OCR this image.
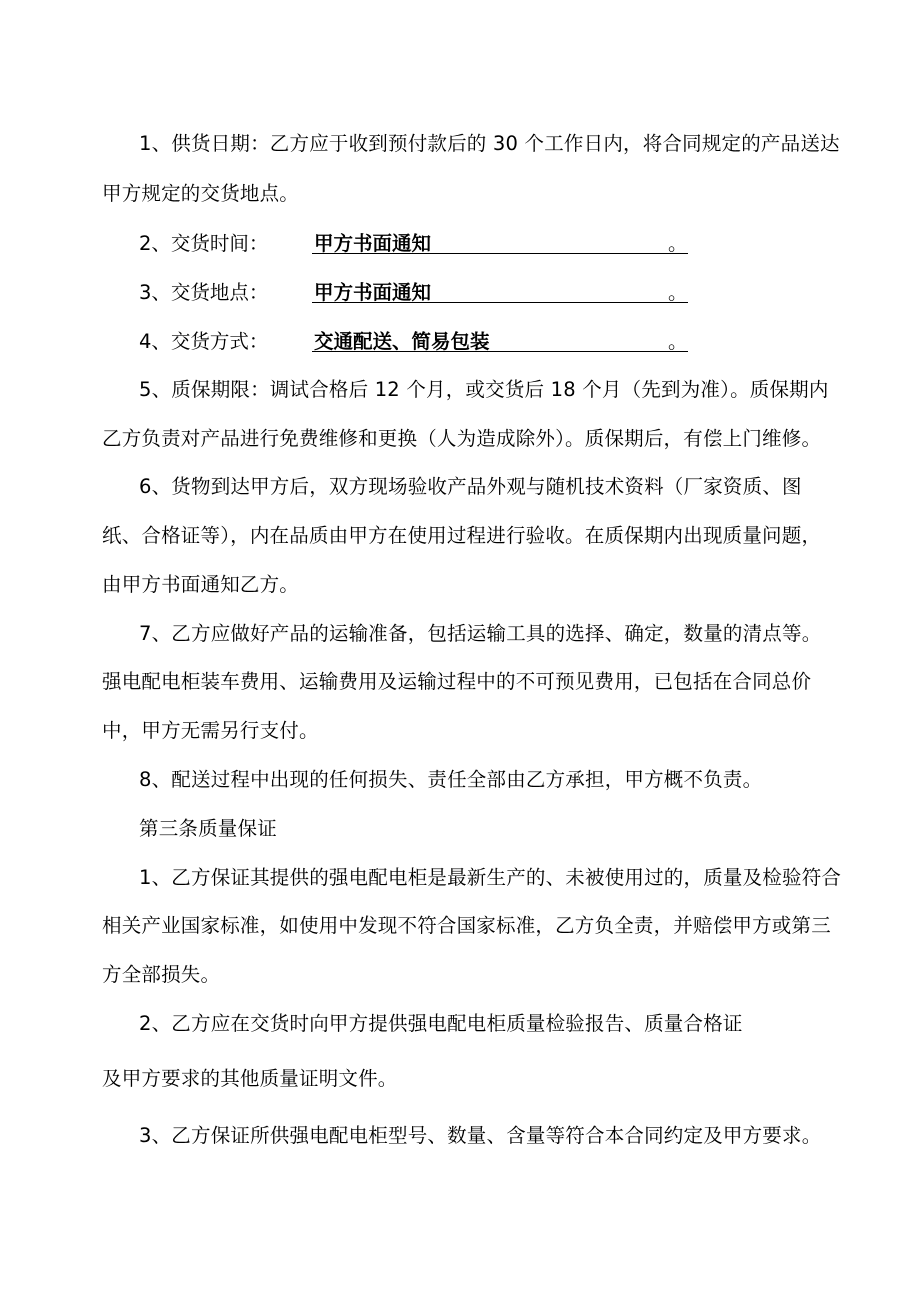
1、供货日期：乙方应于收到预付款后的 30 个工作日内，将合同规定的产品送达
甲方规定的交货地点。
2、交货时间： 甲方书面通知	。
3、交货地点： 甲方书面通知	。
4、交货方式： 交通配送、简易包装	。
5、质保期限：调试合格后 12 个月，或交货后 18 个月（先到为准）。质保期内
乙方负责对产品进行免费维修和更换（人为造成除外）。质保期后，有偿上门维修。
6、货物到达甲方后，双方现场验收产品外观与随机技术资料（厂家资质、图
纸、合格证等），内在品质由甲方在使用过程进行验收。在质保期内出现质量问题，
由甲方书面通知乙方。
7、乙方应做好产品的运输准备，包括运输工具的选择、确定，数量的清点等。
强电配电柜装车费用、运输费用及运输过程中的不可预见费用，已包括在合同总价
中，甲方无需另行支付。
8、配送过程中出现的任何损失、责任全部由乙方承担，甲方概不负责。
第三条质量保证
1、乙方保证其提供的强电配电柜是最新生产的、未被使用过的，质量及检验符合
相关产业国家标准，如使用中发现不符合国家标准，乙方负全责，并赔偿甲方或第三
方全部损失。
2、乙方应在交货时向甲方提供强电配电柜质量检验报告、质量合格证
及甲方要求的其他质量证明文件。
3、乙方保证所供强电配电柜型号、数量、含量等符合本合同约定及甲方要求。
